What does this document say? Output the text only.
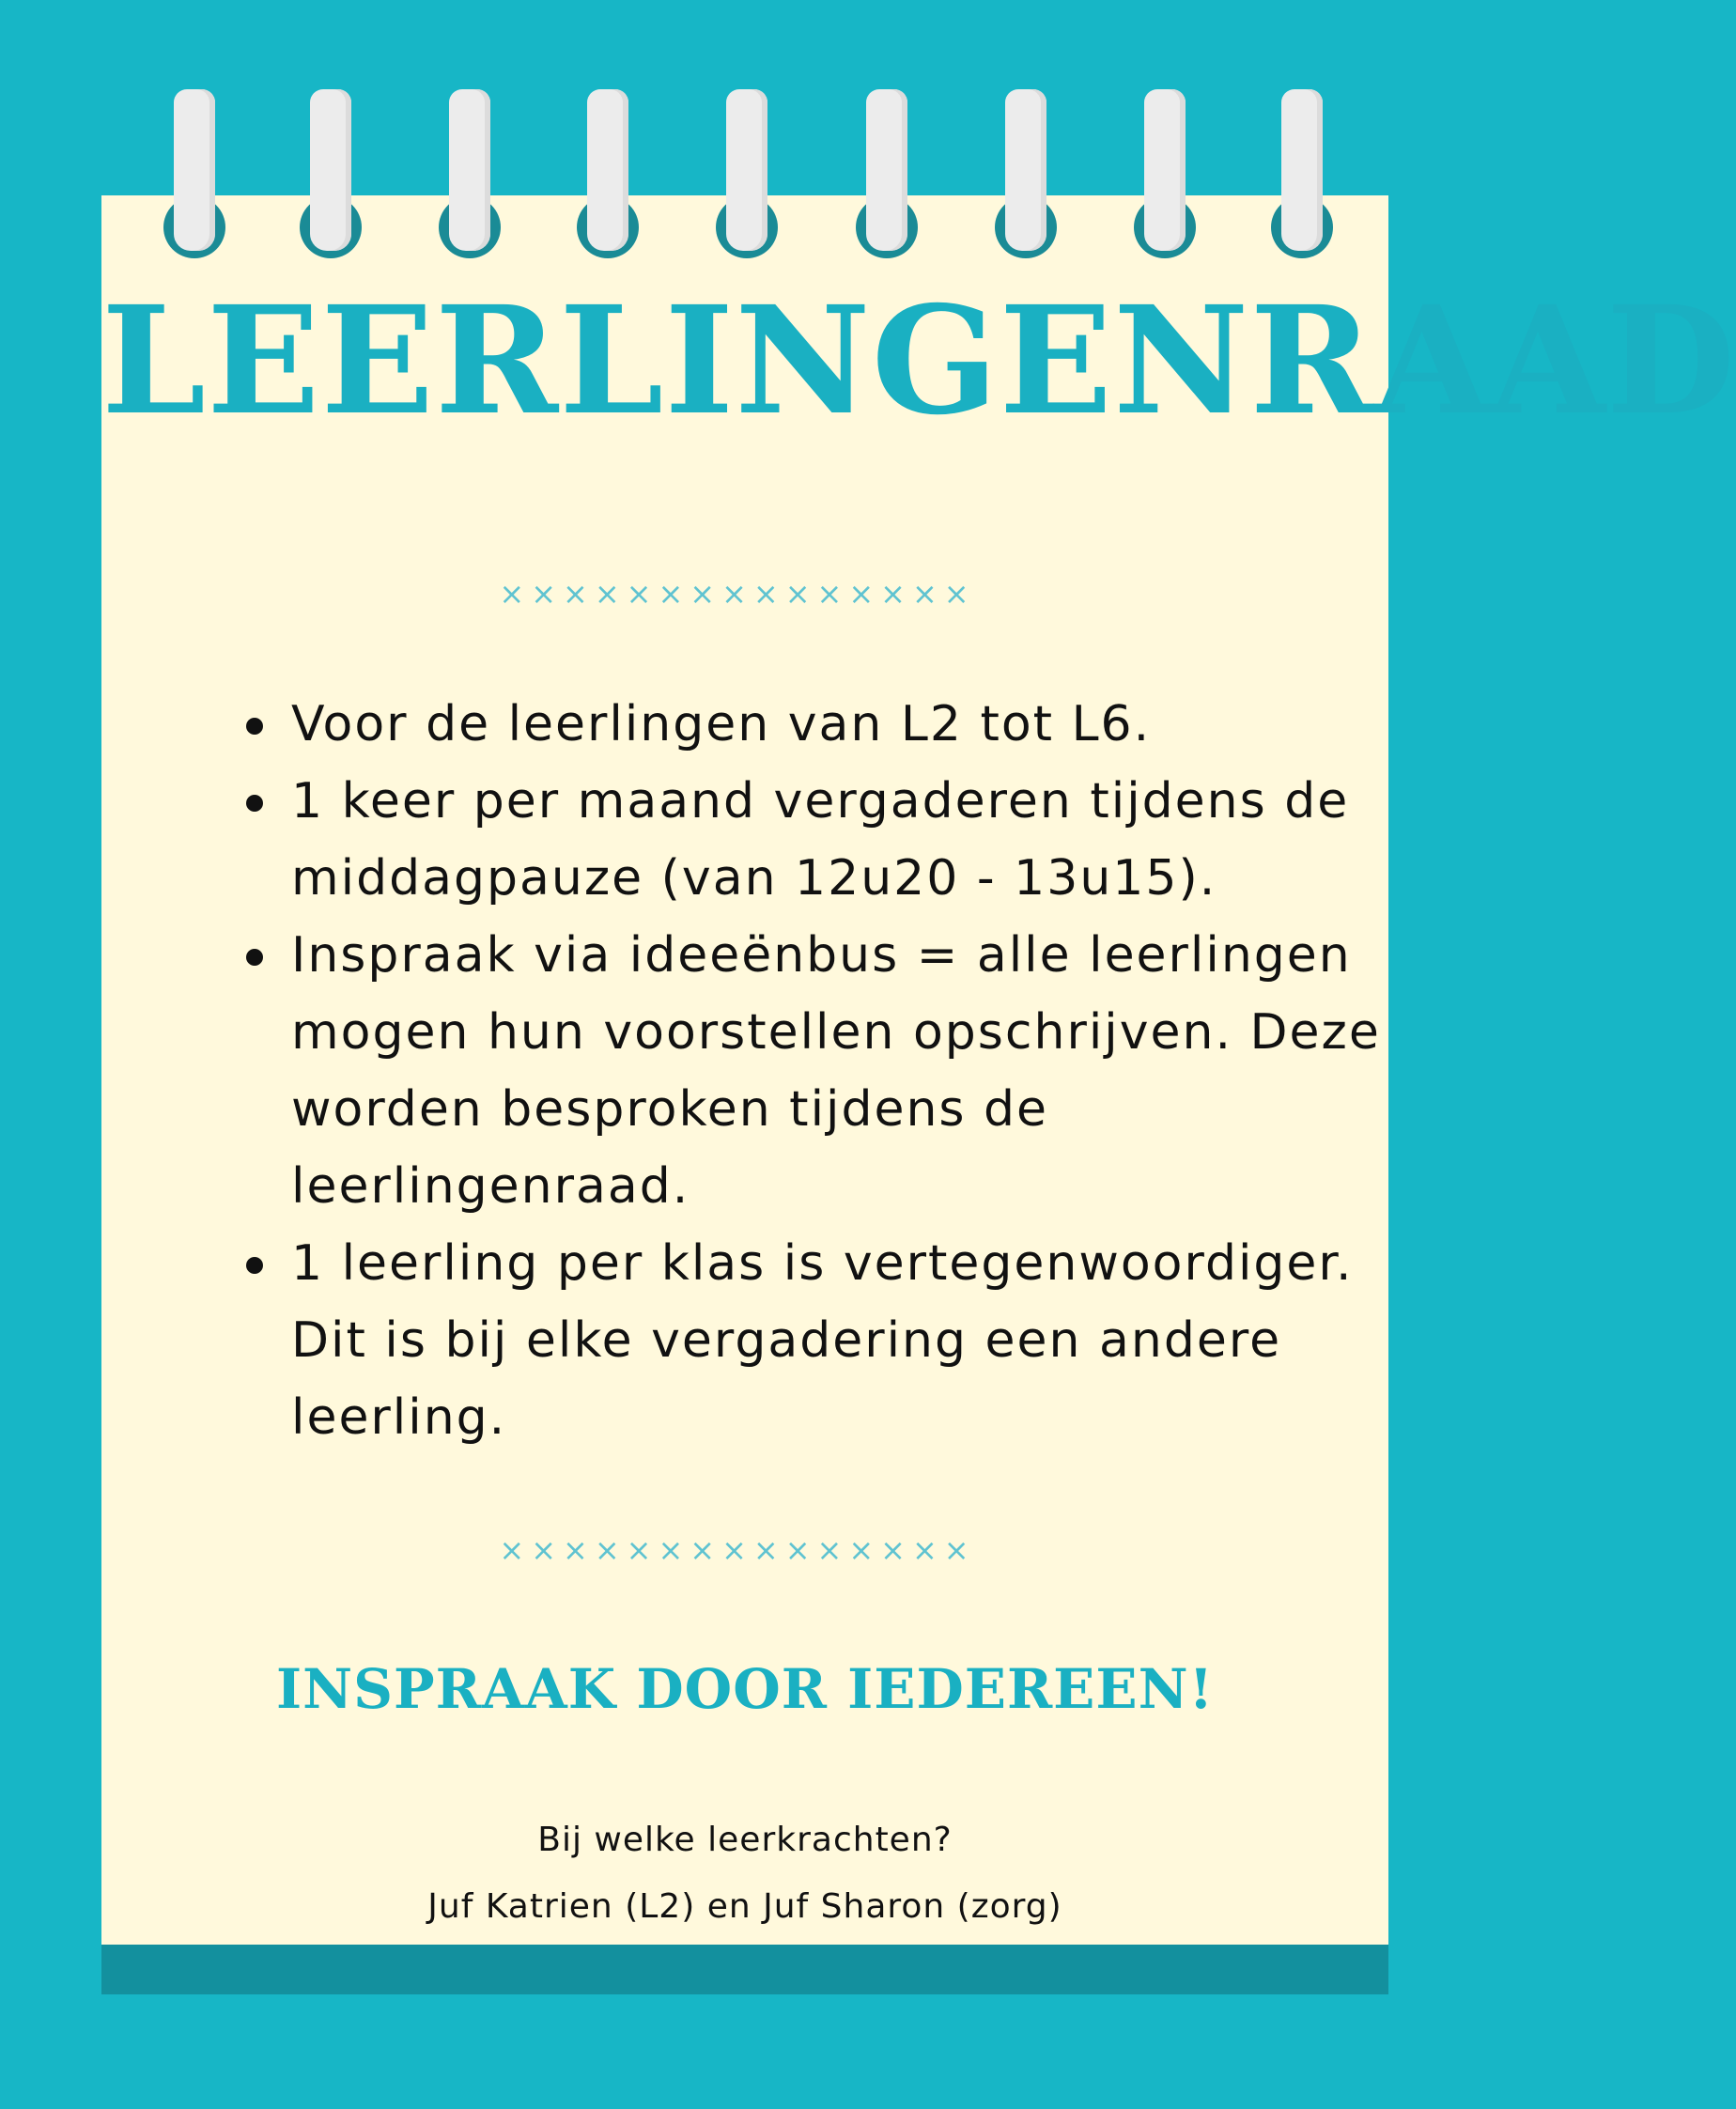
LEERLINGENRAAD
×××××××××××××××
Voor de leerlingen van L2 tot L6.
1 keer per maand vergaderen tijdens de middagpauze (van 12u20 - 13u15).
Inspraak via ideeënbus = alle leerlingen mogen hun voorstellen opschrijven. Deze worden besproken tijdens de leerlingenraad.
1 leerling per klas is vertegenwoordiger. Dit is bij elke vergadering een andere leerling.
×××××××××××××××
INSPRAAK DOOR IEDEREEN!
Bij welke leerkrachten?
Juf Katrien (L2) en Juf Sharon (zorg)
